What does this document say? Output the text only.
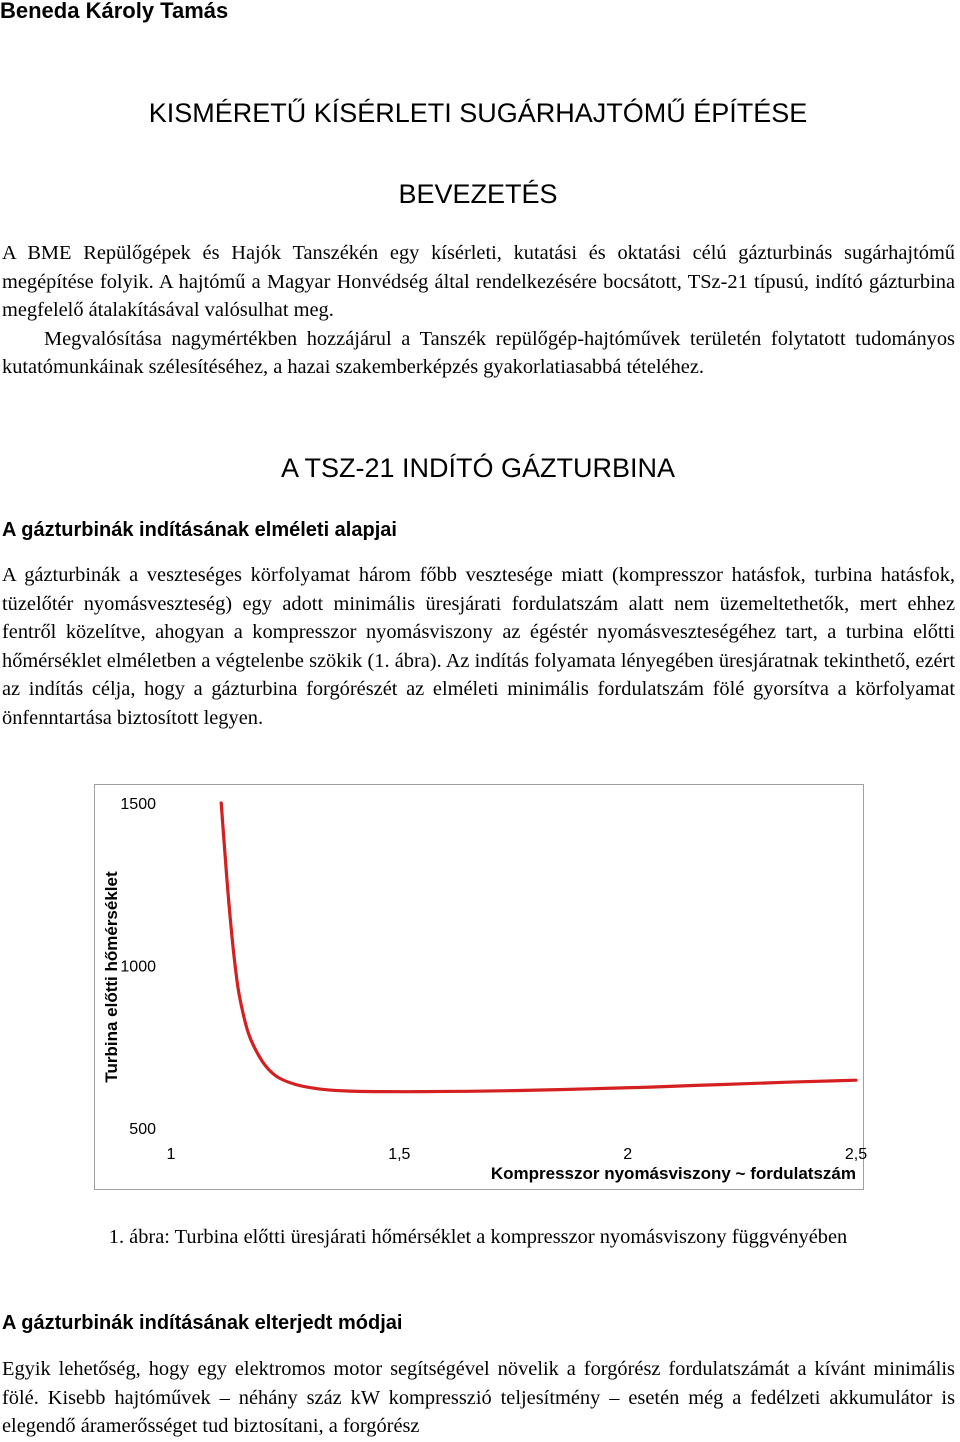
Beneda Károly Tamás
KISMÉRETŰ KÍSÉRLETI SUGÁRHAJTÓMŰ ÉPÍTÉSE
BEVEZETÉS
A BME Repülőgépek és Hajók Tanszékén egy kísérleti, kutatási és oktatási célú gázturbinás sugárhajtómű megépítése folyik. A hajtómű a Magyar Honvédség által rendelkezésére bocsátott, TSz-21 típusú, indító gázturbina megfelelő átalakításával valósulhat meg.
Megvalósítása nagymértékben hozzájárul a Tanszék repülőgép-hajtóművek területén folytatott tudományos kutatómunkáinak szélesítéséhez, a hazai szakemberképzés gyakorlatiasabbá tételéhez.
A TSZ-21 INDÍTÓ GÁZTURBINA
A gázturbinák indításának elméleti alapjai
A gázturbinák a veszteséges körfolyamat három főbb vesztesége miatt (kompresszor hatásfok, turbina hatásfok, tüzelőtér nyomásveszteség) egy adott minimális üresjárati fordulatszám alatt nem üzemeltethetők, mert ehhez fentről közelítve, ahogyan a kompresszor nyomásviszony az égéstér nyomásveszteségéhez tart, a turbina előtti hőmérséklet elméletben a végtelenbe szökik (1. ábra). Az indítás folyamata lényegében üresjáratnak tekinthető, ezért az indítás célja, hogy a gázturbina forgórészét az elméleti minimális fordulatszám fölé gyorsítva a körfolyamat önfenntartása biztosított legyen.
Turbina előtti hőmérséklet
Kompresszor nyomásviszony ~ fordulatszám
1500
1000
500
1	1,5	2	2,5
1. ábra: Turbina előtti üresjárati hőmérséklet a kompresszor nyomásviszony függvényében
A gázturbinák indításának elterjedt módjai
Egyik lehetőség, hogy egy elektromos motor segítségével növelik a forgórész fordulatszámát a kívánt minimális fölé. Kisebb hajtóművek – néhány száz kW kompresszió teljesítmény – esetén még a fedélzeti akkumulátor is elegendő áramerősséget tud biztosítani, a forgórész
